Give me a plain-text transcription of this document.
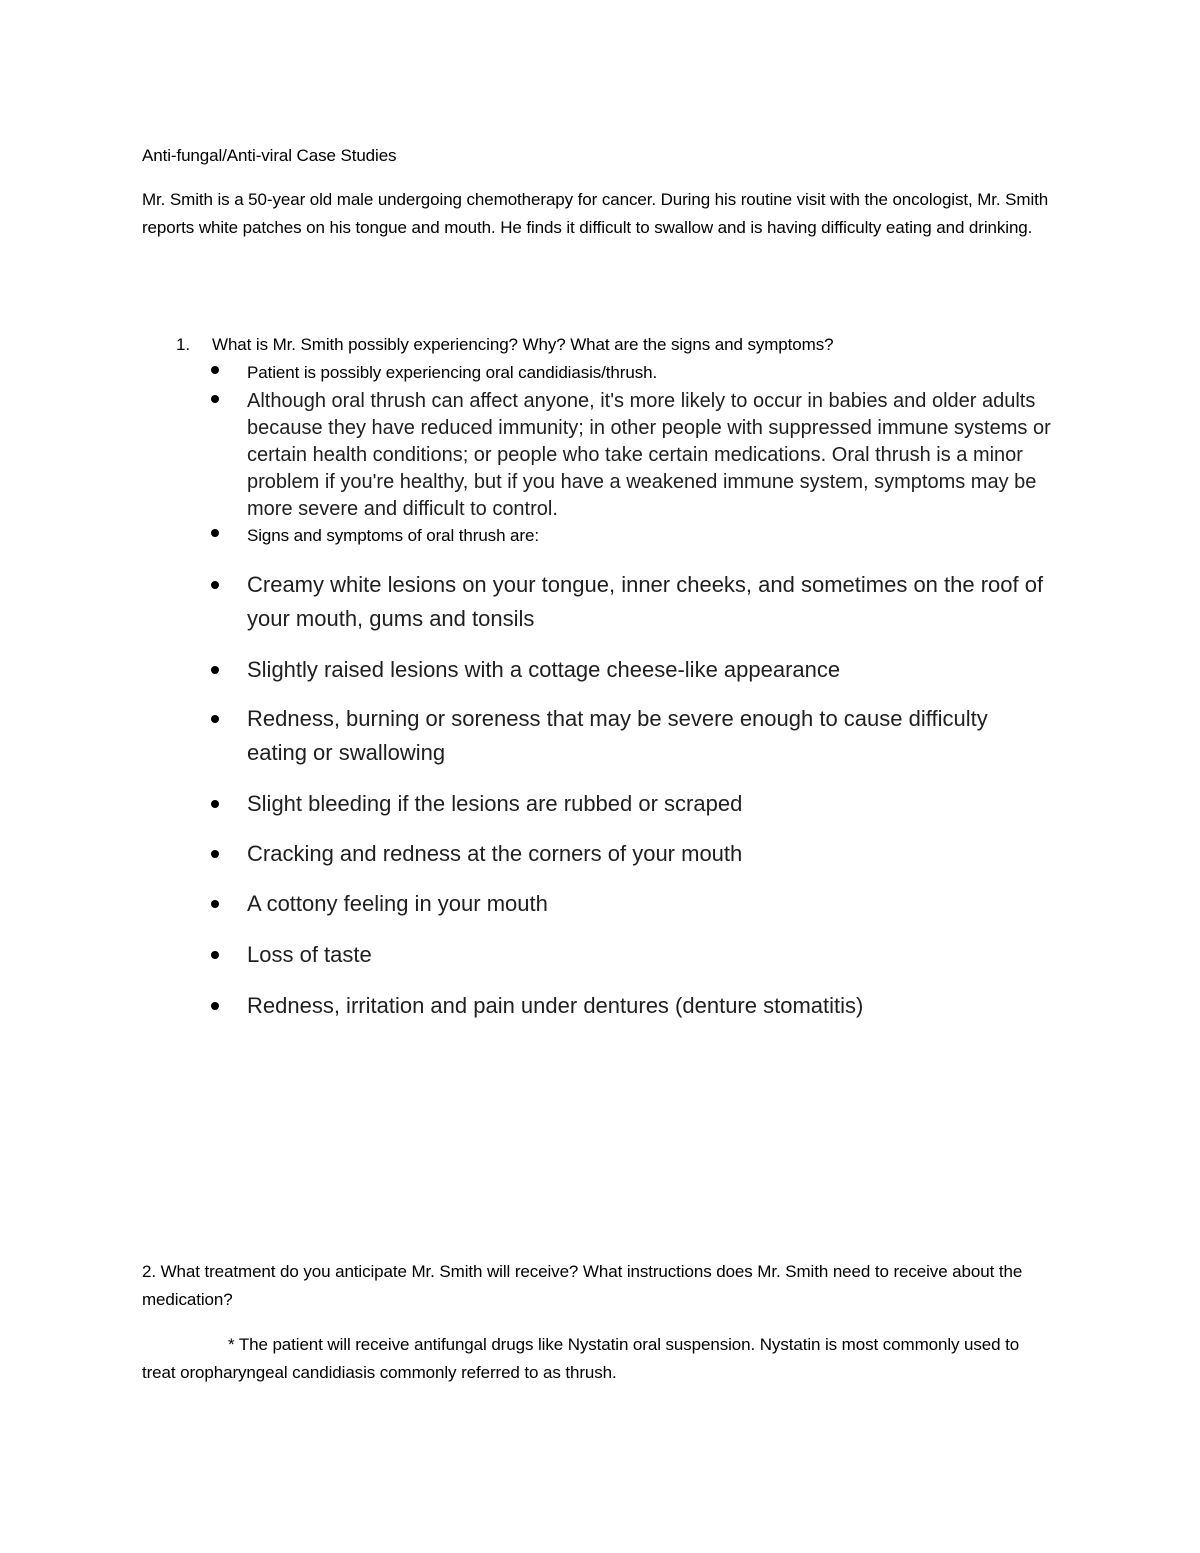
Anti-fungal/Anti-viral Case Studies

Mr. Smith is a 50-year old male undergoing chemotherapy for cancer. During his routine visit with the oncologist, Mr. Smith reports white patches on his tongue and mouth. He finds it difficult to swallow and is having difficulty eating and drinking.

1. What is Mr. Smith possibly experiencing? Why? What are the signs and symptoms?

Patient is possibly experiencing oral candidiasis/thrush.

Although oral thrush can affect anyone, it's more likely to occur in babies and older adults because they have reduced immunity; in other people with suppressed immune systems or certain health conditions; or people who take certain medications. Oral thrush is a minor problem if you're healthy, but if you have a weakened immune system, symptoms may be more severe and difficult to control.

Signs and symptoms of oral thrush are:

Creamy white lesions on your tongue, inner cheeks, and sometimes on the roof of your mouth, gums and tonsils

Slightly raised lesions with a cottage cheese-like appearance

Redness, burning or soreness that may be severe enough to cause difficulty eating or swallowing

Slight bleeding if the lesions are rubbed or scraped

Cracking and redness at the corners of your mouth

A cottony feeling in your mouth

Loss of taste

Redness, irritation and pain under dentures (denture stomatitis)

2. What treatment do you anticipate Mr. Smith will receive? What instructions does Mr. Smith need to receive about the medication?

* The patient will receive antifungal drugs like Nystatin oral suspension. Nystatin is most commonly used to treat oropharyngeal candidiasis commonly referred to as thrush.
